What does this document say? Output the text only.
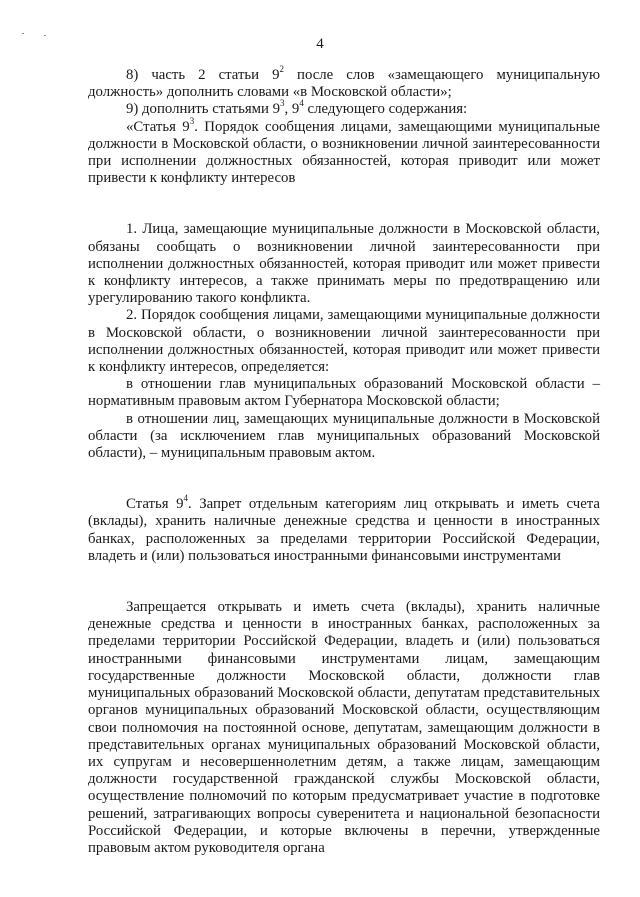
4

8) часть 2 статьи $9^2$ после слов «замещающего муниципальную должность» дополнить словами «в Московской области»;

9) дополнить статьями $9^3$, $9^4$ следующего содержания:

«Статья $9^3$. Порядок сообщения лицами, замещающими муниципальные должности в Московской области, о возникновении личной заинтересованности при исполнении должностных обязанностей, которая приводит или может привести к конфликту интересов

1. Лица, замещающие муниципальные должности в Московской области, обязаны сообщать о возникновении личной заинтересованности при исполнении должностных обязанностей, которая приводит или может привести к конфликту интересов, а также принимать меры по предотвращению или урегулированию такого конфликта.

2. Порядок сообщения лицами, замещающими муниципальные должности в Московской области, о возникновении личной заинтересованности при исполнении должностных обязанностей, которая приводит или может привести к конфликту интересов, определяется:

в отношении глав муниципальных образований Московской области – нормативным правовым актом Губернатора Московской области;

в отношении лиц, замещающих муниципальные должности в Московской области (за исключением глав муниципальных образований Московской области), – муниципальным правовым актом.

Статья $9^4$. Запрет отдельным категориям лиц открывать и иметь счета (вклады), хранить наличные денежные средства и ценности в иностранных банках, расположенных за пределами территории Российской Федерации, владеть и (или) пользоваться иностранными финансовыми инструментами

Запрещается открывать и иметь счета (вклады), хранить наличные денежные средства и ценности в иностранных банках, расположенных за пределами территории Российской Федерации, владеть и (или) пользоваться иностранными финансовыми инструментами лицам, замещающим государственные должности Московской области, должности глав муниципальных образований Московской области, депутатам представительных органов муниципальных образований Московской области, осуществляющим свои полномочия на постоянной основе, депутатам, замещающим должности в представительных органах муниципальных образований Московской области, их супругам и несовершеннолетним детям, а также лицам, замещающим должности государственной гражданской службы Московской области, осуществление полномочий по которым предусматривает участие в подготовке решений, затрагивающих вопросы суверенитета и национальной безопасности Российской Федерации, и которые включены в перечни, утвержденные правовым актом руководителя органа
